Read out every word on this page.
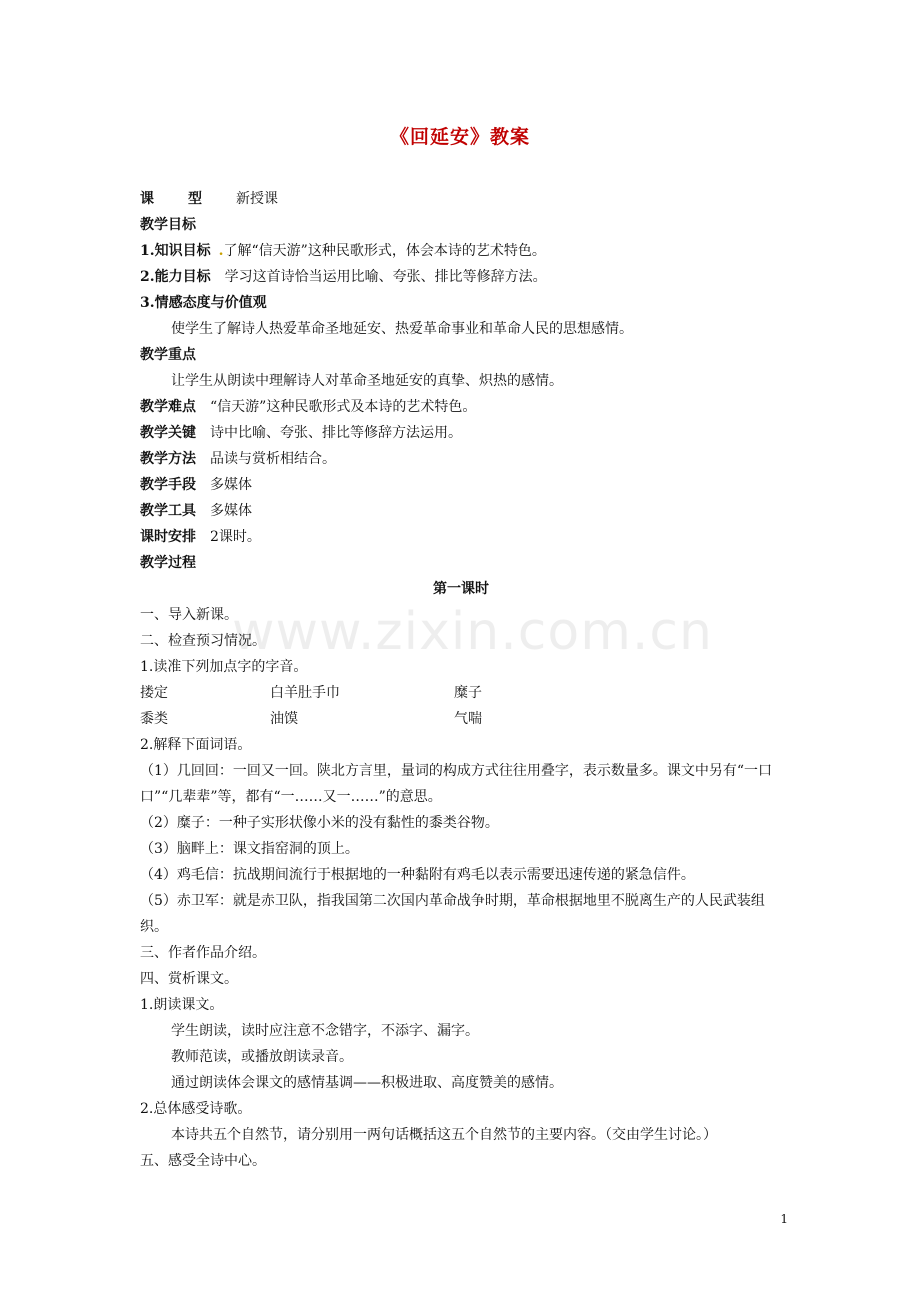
《回延安》教案
www.zixin.com.cn
课型新授课
教学目标
1.知识目标 .了解“信天游”这种民歌形式，体会本诗的艺术特色。
2.能力目标 学习这首诗恰当运用比喻、夸张、排比等修辞方法。
3.情感态度与价值观
使学生了解诗人热爱革命圣地延安、热爱革命事业和革命人民的思想感情。
教学重点
让学生从朗读中理解诗人对革命圣地延安的真挚、炽热的感情。
教学难点 “信天游”这种民歌形式及本诗的艺术特色。
教学关键 诗中比喻、夸张、排比等修辞方法运用。
教学方法 品读与赏析相结合。
教学手段 多媒体
教学工具 多媒体
课时安排 2课时。
教学过程
第一课时
一、导入新课。
二、检查预习情况。
1.读准下列加点字的字音。
搂定	白羊肚手巾	糜子
黍类	油馍	气喘
2.解释下面词语。
（1）几回回：一回又一回。陕北方言里，量词的构成方式往往用叠字，表示数量多。课文中另有“一口口”“几辈辈”等，都有“一……又一……”的意思。
（2）糜子：一种子实形状像小米的没有黏性的黍类谷物。
（3）脑畔上：课文指窑洞的顶上。
（4）鸡毛信：抗战期间流行于根据地的一种黏附有鸡毛以表示需要迅速传递的紧急信件。
（5）赤卫军：就是赤卫队，指我国第二次国内革命战争时期，革命根据地里不脱离生产的人民武装组织。
三、作者作品介绍。
四、赏析课文。
1.朗读课文。
学生朗读，读时应注意不念错字，不添字、漏字。
教师范读，或播放朗读录音。
通过朗读体会课文的感情基调——积极进取、高度赞美的感情。
2.总体感受诗歌。
本诗共五个自然节，请分别用一两句话概括这五个自然节的主要内容。（交由学生讨论。）
五、感受全诗中心。
1
